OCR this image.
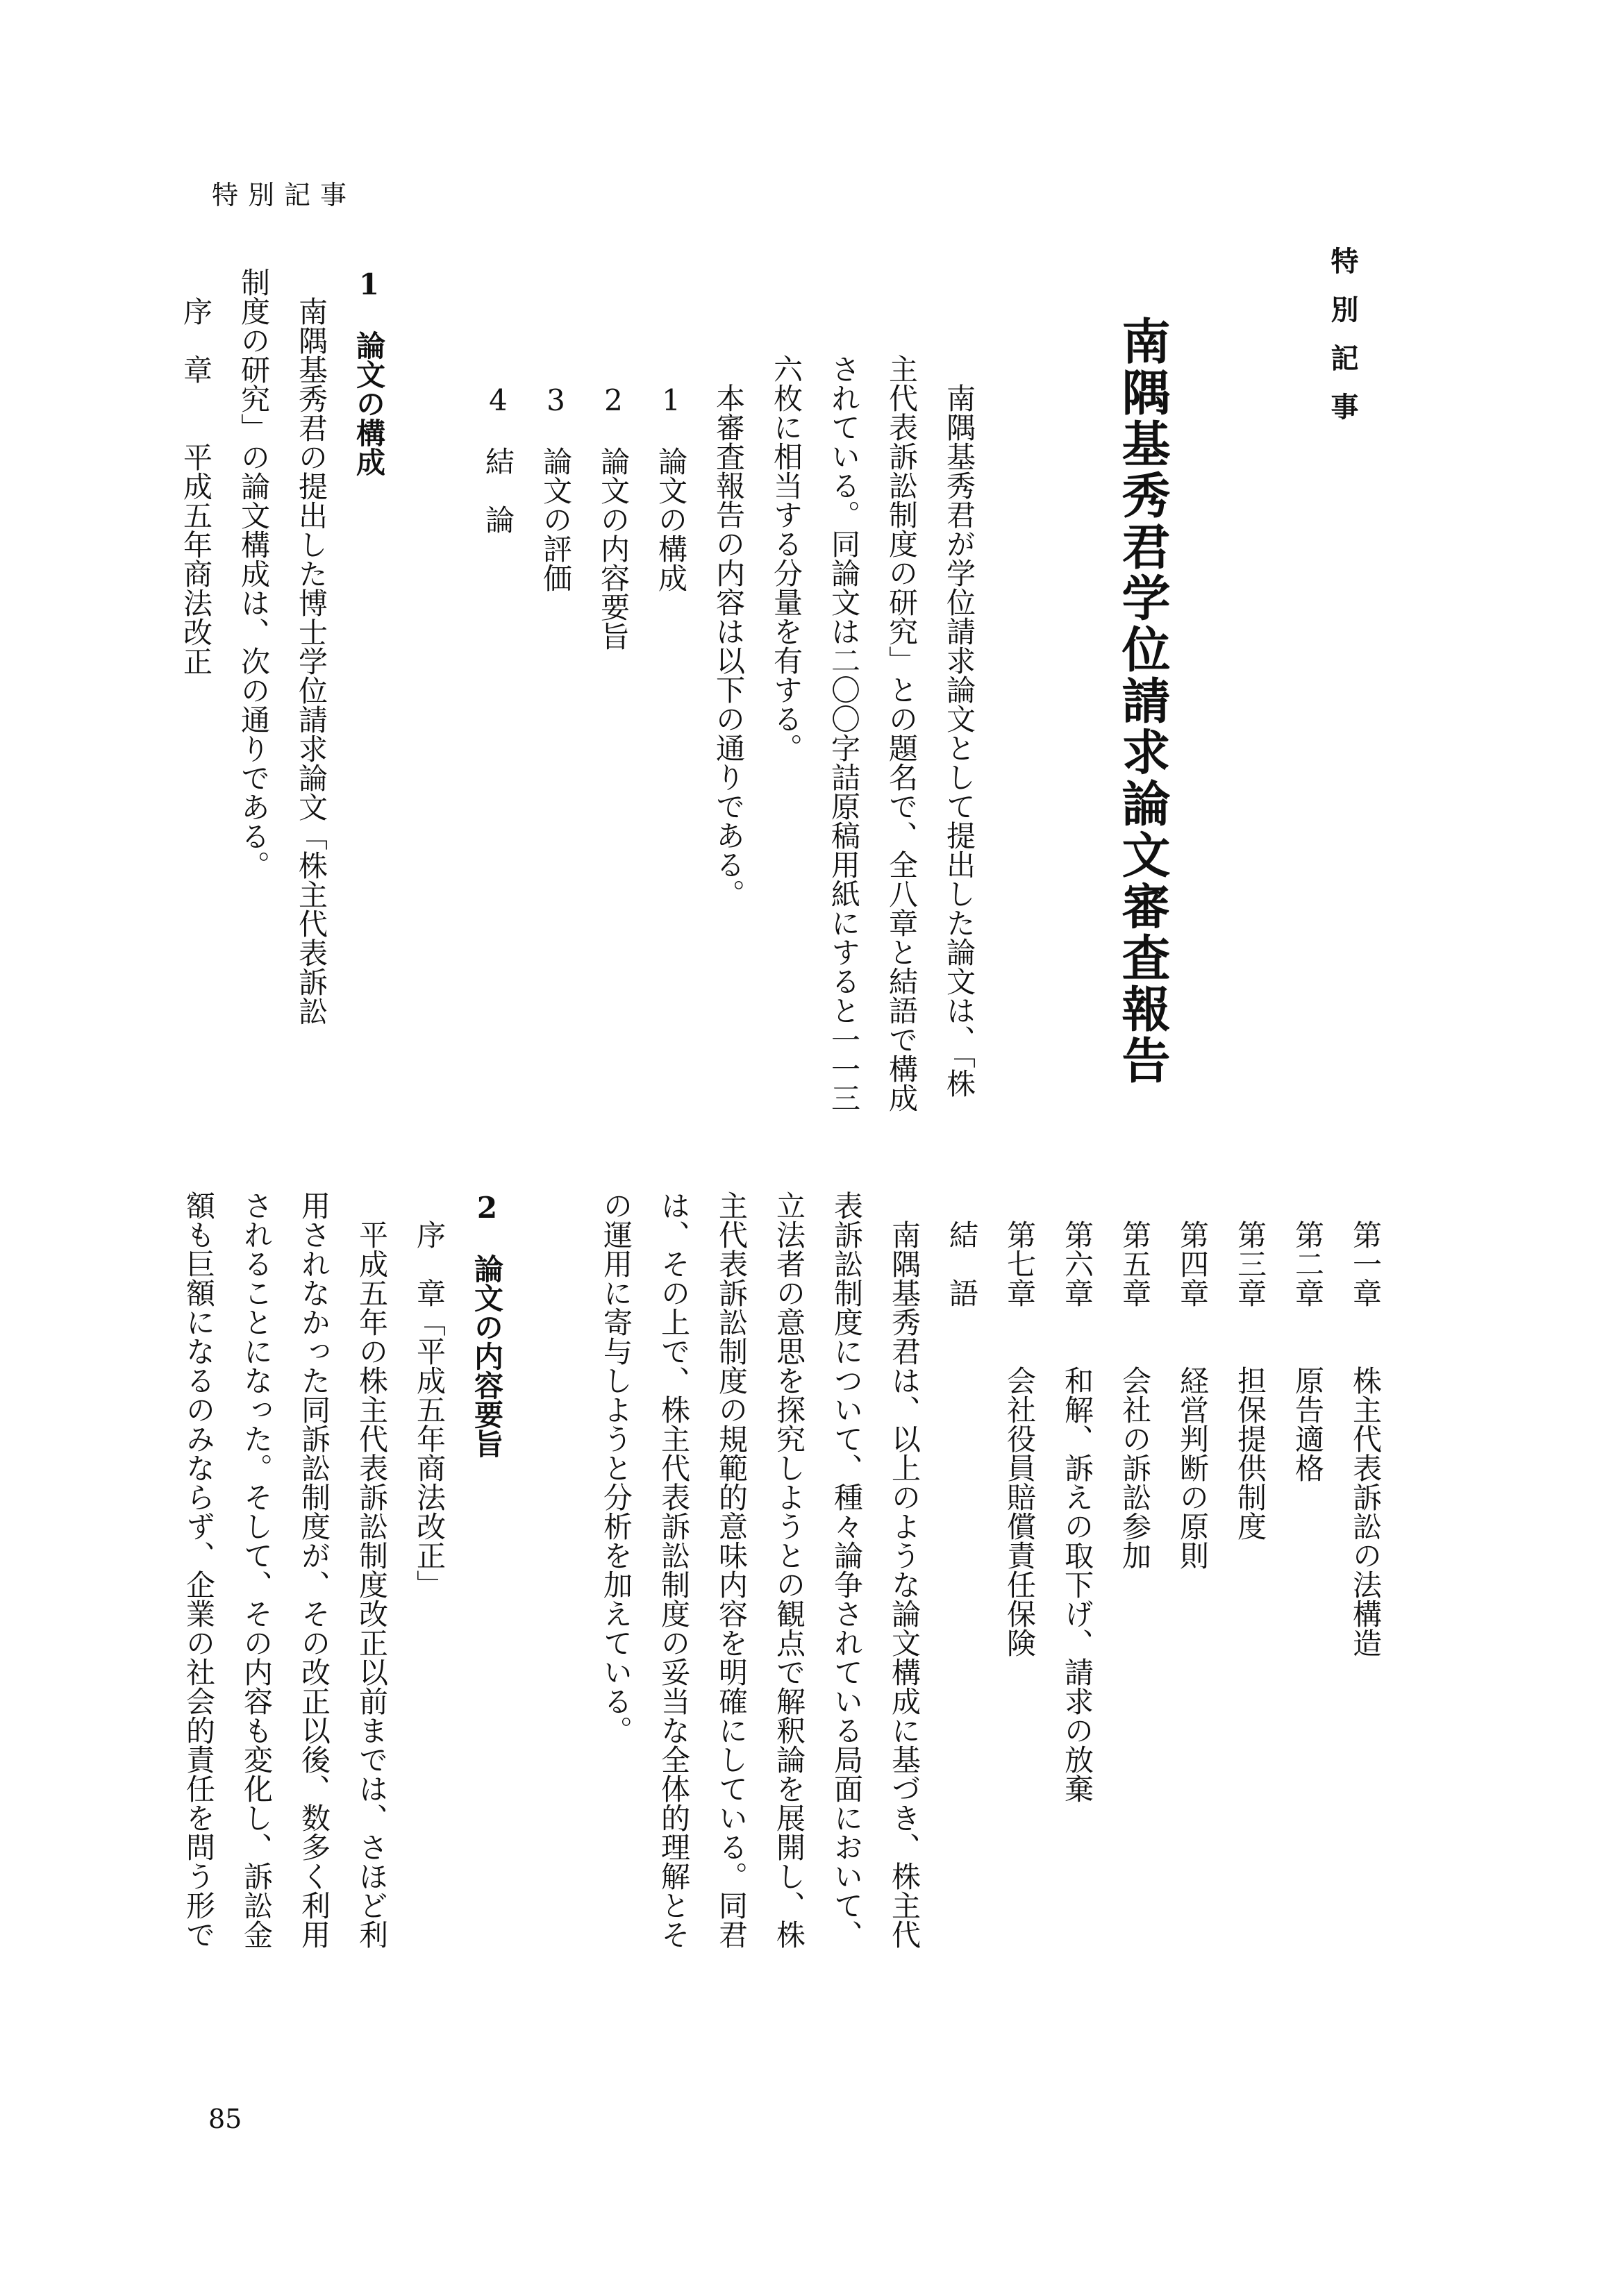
特別記事
85
特別記事
南隅基秀君学位請求論文審査報告

　南隅基秀君が学位請求論文として提出した論文は、「株

主代表訴訟制度の研究」との題名で、全八章と結語で構成

されている。同論文は二〇〇字詰原稿用紙にすると一一三

六枚に相当する分量を有する。

　本審査報告の内容は以下の通りである。

　1　論文の構成

　2　論文の内容要旨

　3　論文の評価

　4　結　論

1　論文の構成

　南隅基秀君の提出した博士学位請求論文「株主代表訴訟

制度の研究」の論文構成は、次の通りである。

　序　章　　平成五年商法改正

　第一章　　株主代表訴訟の法構造

　第二章　　原告適格

　第三章　　担保提供制度

　第四章　　経営判断の原則

　第五章　　会社の訴訟参加

　第六章　　和解、訴えの取下げ、請求の放棄

　第七章　　会社役員賠償責任保険

　結　語

　南隅基秀君は、以上のような論文構成に基づき、株主代

表訴訟制度について、種々論争されている局面において、

立法者の意思を探究しようとの観点で解釈論を展開し、株

主代表訴訟制度の規範的意味内容を明確にしている。同君

は、その上で、株主代表訴訟制度の妥当な全体的理解とそ

の運用に寄与しようと分析を加えている。

2　論文の内容要旨

　序　章「平成五年商法改正」

　平成五年の株主代表訴訟制度改正以前までは、さほど利

用されなかった同訴訟制度が、その改正以後、数多く利用

されることになった。そして、その内容も変化し、訴訟金

額も巨額になるのみならず、企業の社会的責任を問う形で
